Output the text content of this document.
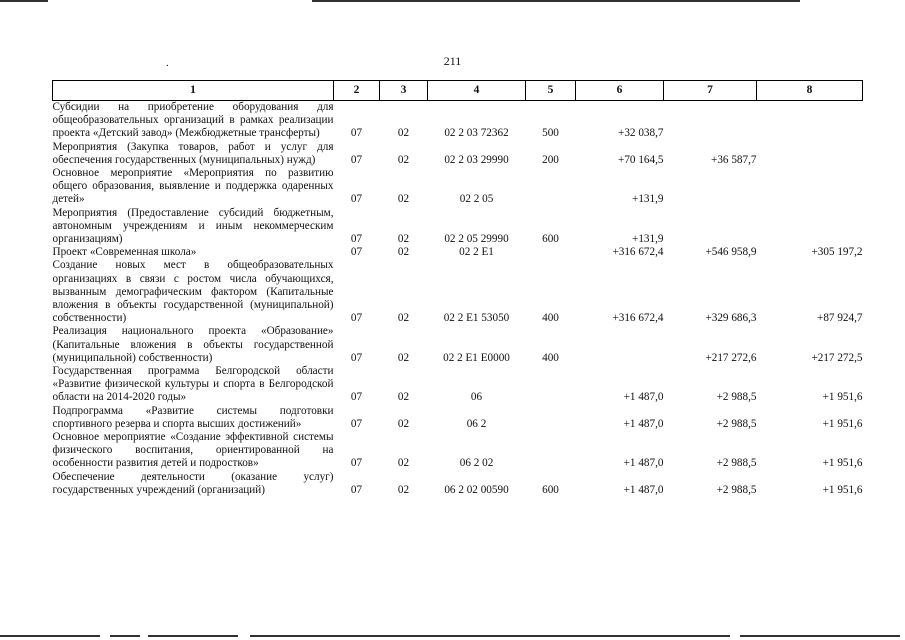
.	211
1	2	3	4	5	6	7	8
Субсидии на приобретение оборудования для общеобразовательных организаций в рамках реализации проекта «Детский завод» (Межбюджетные трансферты)	07	02	02 2 03 72362	500	+32 038,7		
Мероприятия (Закупка товаров, работ и услуг для обеспечения государственных (муниципальных) нужд)	07	02	02 2 03 29990	200	+70 164,5	+36 587,7	
Основное мероприятие «Мероприятия по развитию общего образования, выявление и поддержка одаренных детей»	07	02	02 2 05		+131,9		
Мероприятия (Предоставление субсидий бюджетным, автономным учреждениям и иным некоммерческим организациям)	07	02	02 2 05 29990	600	+131,9		
Проект «Современная школа»	07	02	02 2 E1		+316 672,4	+546 958,9	+305 197,2
Создание новых мест в общеобразовательных организациях в связи с ростом числа обучающихся, вызванным демографическим фактором (Капитальные вложения в объекты государственной (муниципальной) собственности)	07	02	02 2 E1 53050	400	+316 672,4	+329 686,3	+87 924,7
Реализация национального проекта «Образование» (Капитальные вложения в объекты государственной (муниципальной) собственности)	07	02	02 2 E1 E0000	400		+217 272,6	+217 272,5
Государственная программа Белгородской области «Развитие физической культуры и спорта в Белгородской области на 2014-2020 годы»	07	02	06		+1 487,0	+2 988,5	+1 951,6
Подпрограмма «Развитие системы подготовки спортивного резерва и спорта высших достижений»	07	02	06 2		+1 487,0	+2 988,5	+1 951,6
Основное мероприятие «Создание эффективной системы физического воспитания, ориентированной на особенности развития детей и подростков»	07	02	06 2 02		+1 487,0	+2 988,5	+1 951,6
Обеспечение деятельности (оказание услуг) государственных учреждений (организаций)	07	02	06 2 02 00590	600	+1 487,0	+2 988,5	+1 951,6
